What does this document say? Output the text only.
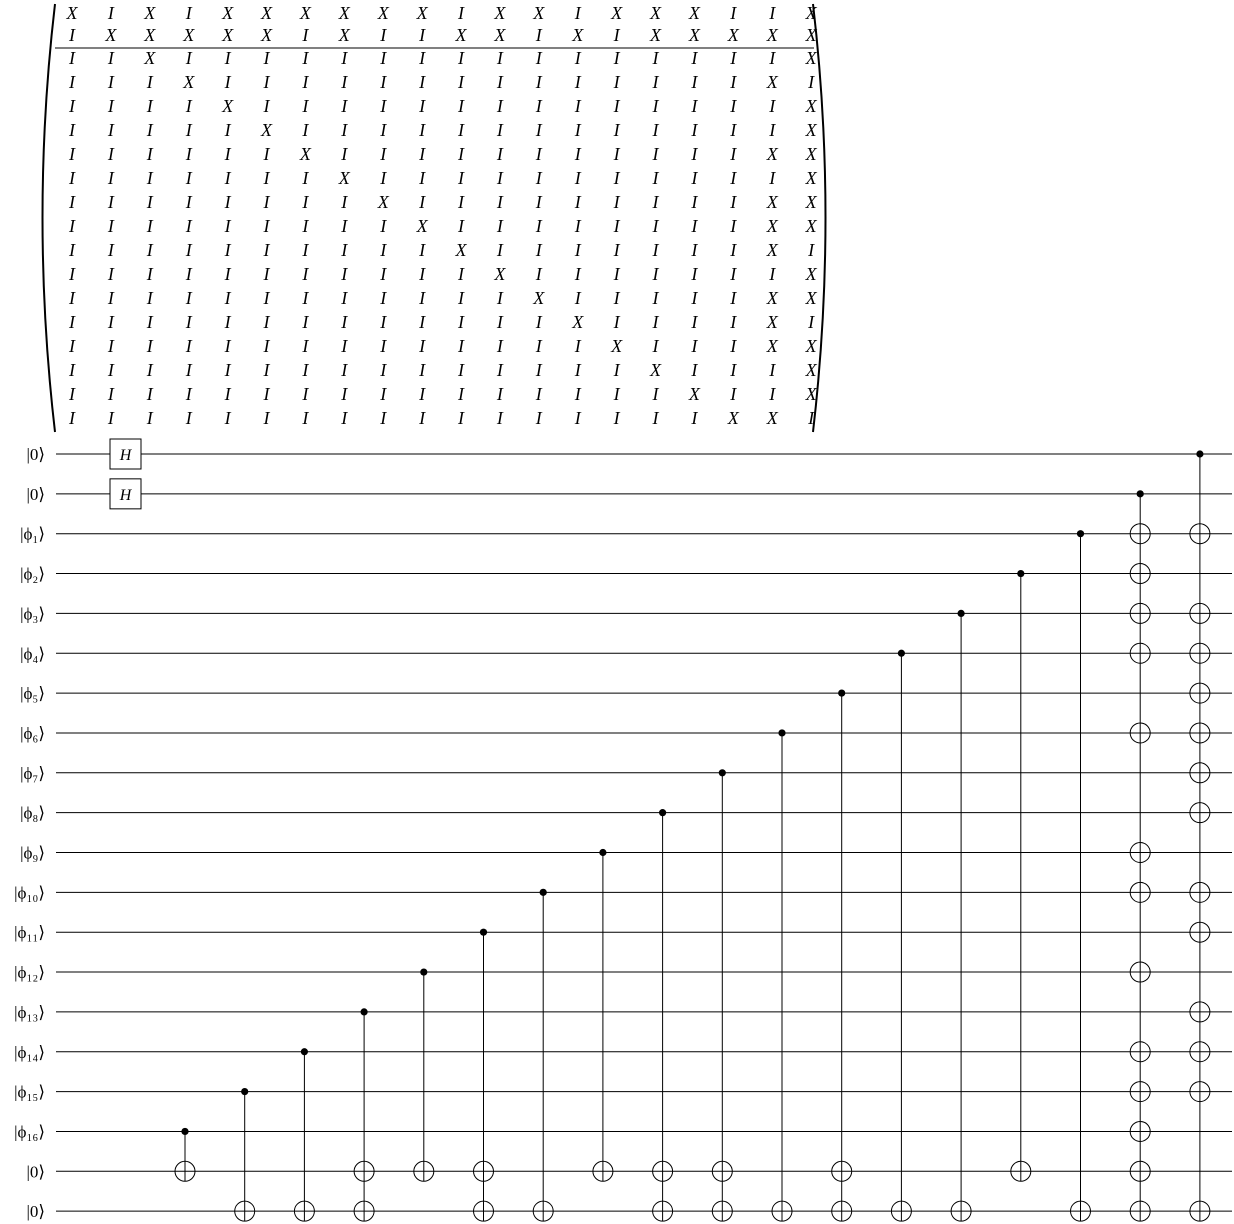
X I X I X X X X X X I X X I X X X I I X
I X X X X X I X I I X X I X I X X X X X
I I X I I I I I I I I I I I I I I I I X
I I I X I I I I I I I I I I I I I I X I
I I I I X I I I I I I I I I I I I I I X
I I I I I X I I I I I I I I I I I I I X
I I I I I I X I I I I I I I I I I I X X
I I I I I I I X I I I I I I I I I I I X
I I I I I I I I X I I I I I I I I I X X
I I I I I I I I I X I I I I I I I I X X
I I I I I I I I I I X I I I I I I I X I
I I I I I I I I I I I X I I I I I I I X
I I I I I I I I I I I I X I I I I I X X
I I I I I I I I I I I I I X I I I I X I
I I I I I I I I I I I I I I X I I I X X
I I I I I I I I I I I I I I I X I I I X
I I I I I I I I I I I I I I I I X I I X
I I I I I I I I I I I I I I I I I X X I
|0⟩
|0⟩
|ϕ₁⟩
|ϕ₂⟩
|ϕ₃⟩
|ϕ₄⟩
|ϕ₅⟩
|ϕ₆⟩
|ϕ₇⟩
|ϕ₈⟩
|ϕ₉⟩
|ϕ₁₀⟩
|ϕ₁₁⟩
|ϕ₁₂⟩
|ϕ₁₃⟩
|ϕ₁₄⟩
|ϕ₁₅⟩
|ϕ₁₆⟩
|0⟩
|0⟩
H
H
